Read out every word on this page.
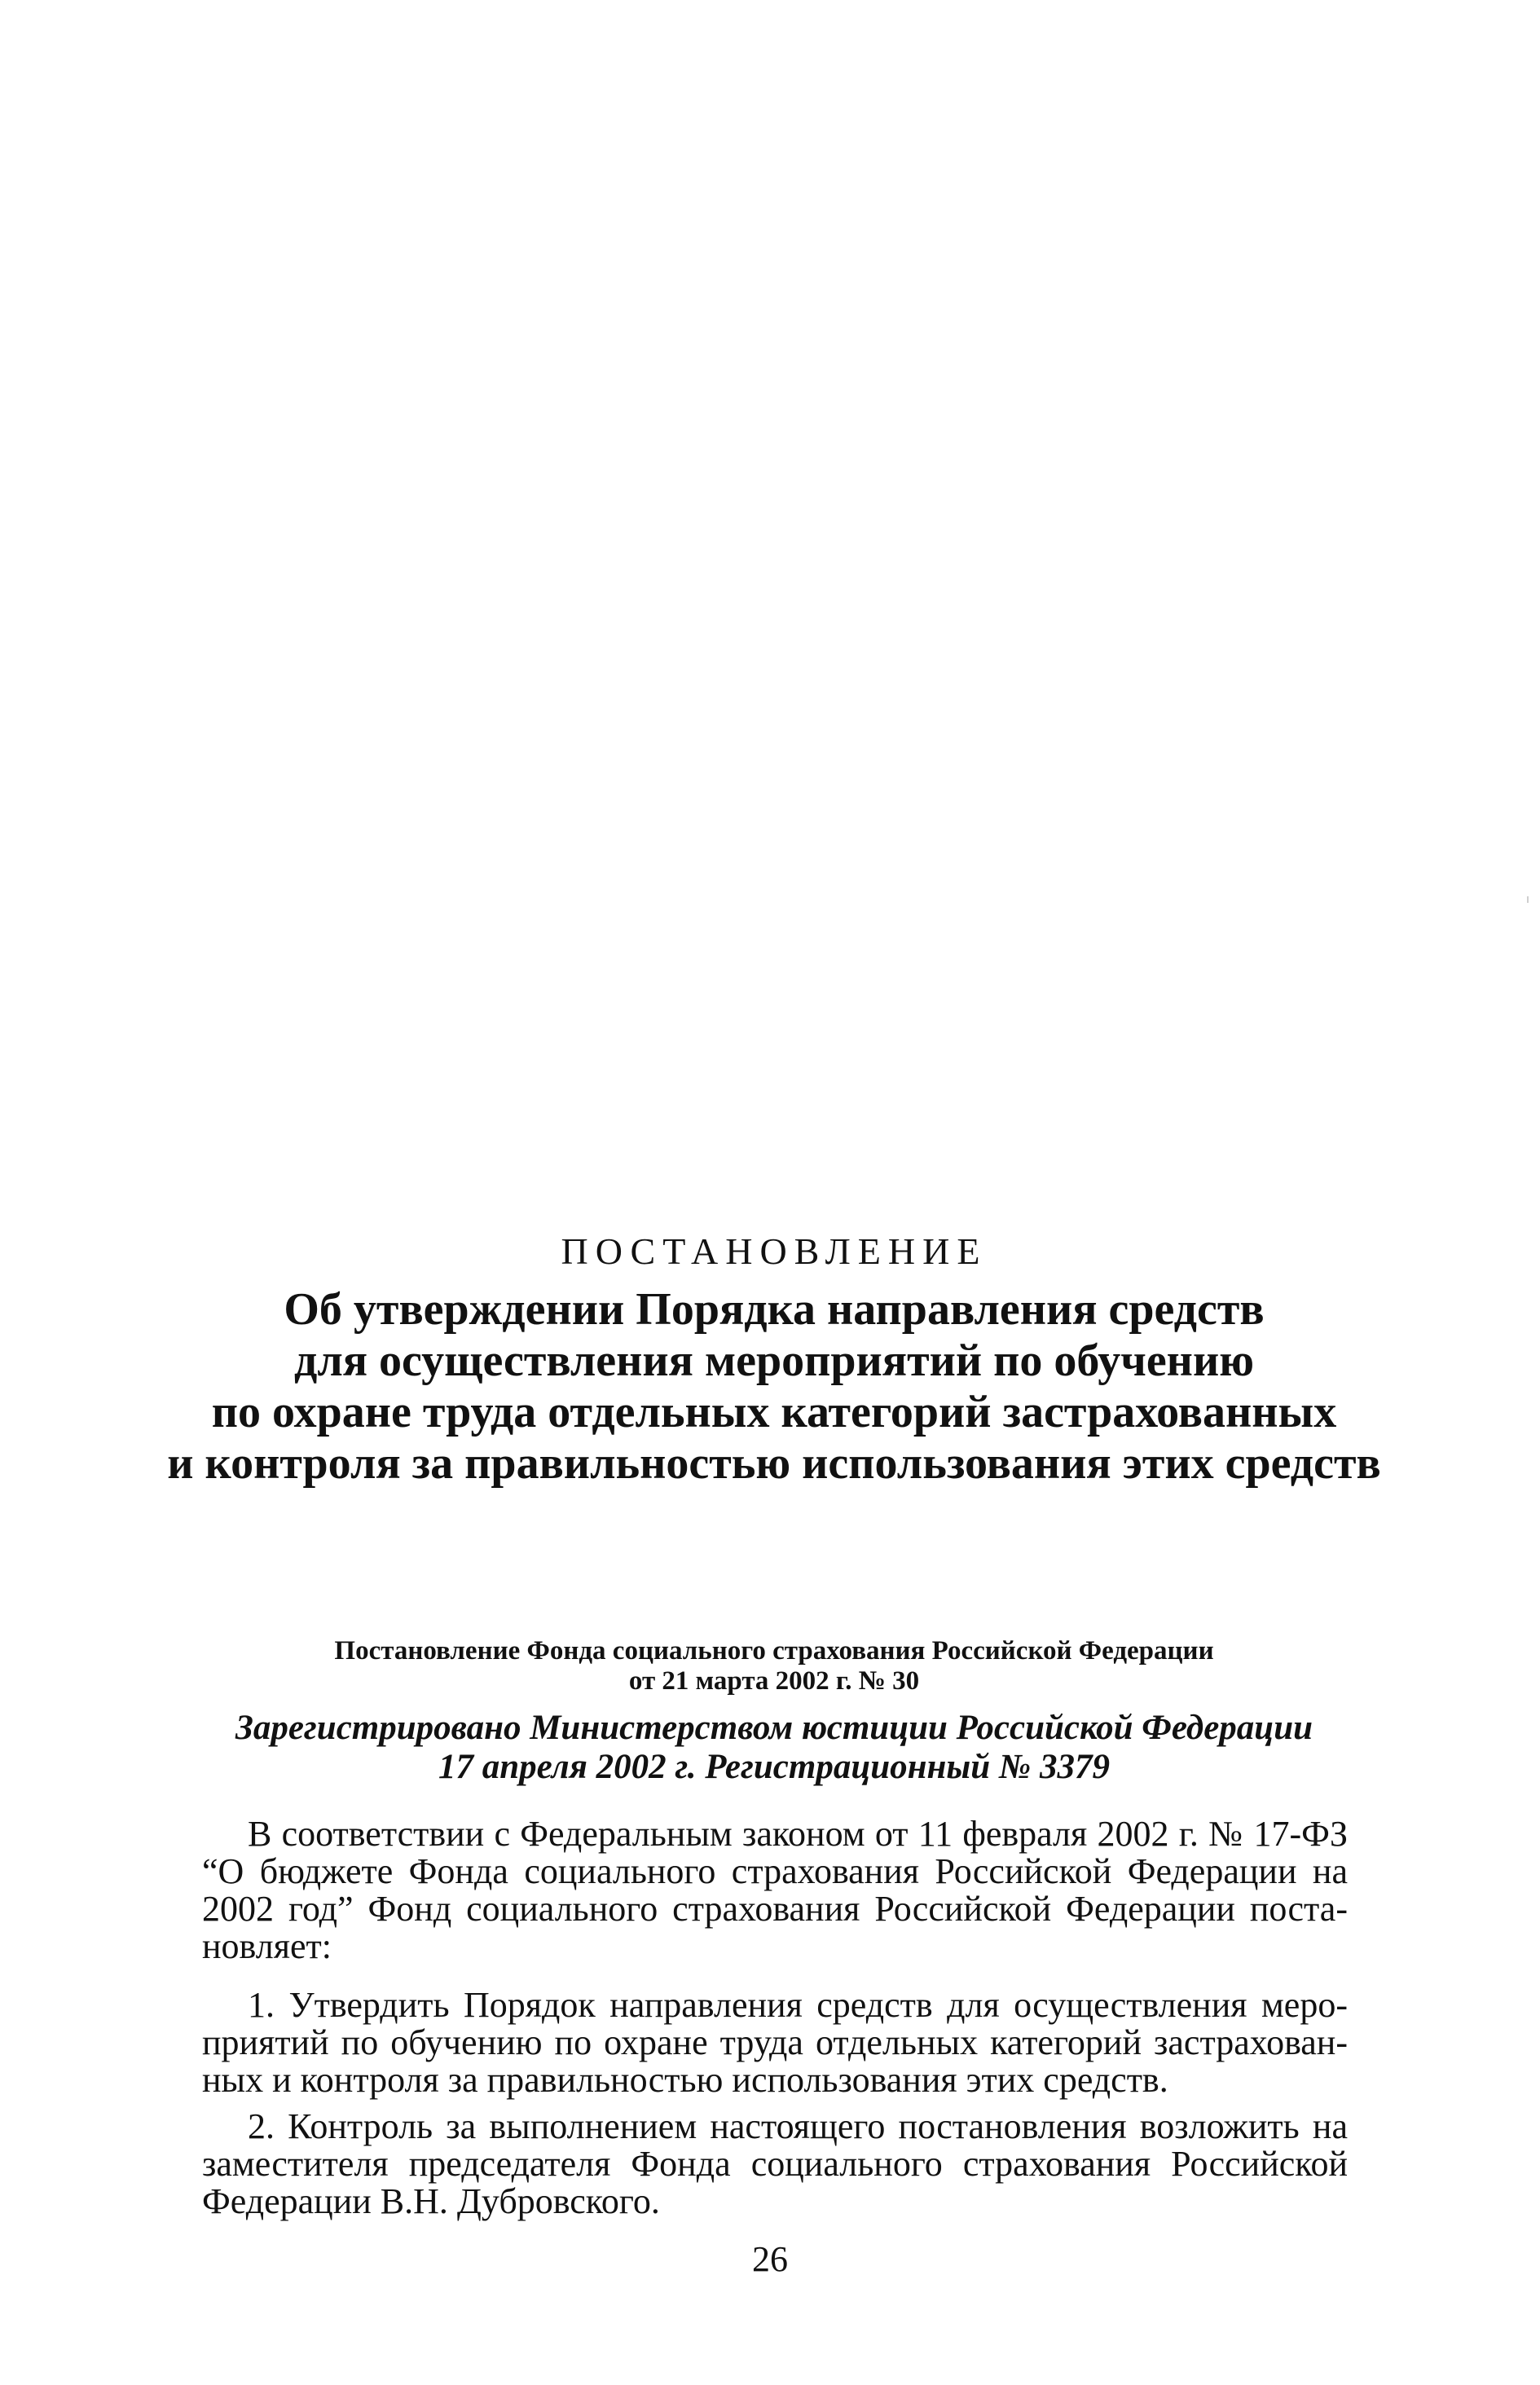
ПОСТАНОВЛЕНИЕ
Об утверждении Порядка направления средств
для осуществления мероприятий по обучению
по охране труда отдельных категорий застрахованных
и контроля за правильностью использования этих средств
Постановление Фонда социального страхования Российской Федерации
от 21 марта 2002 г. № 30
Зарегистрировано Министерством юстиции Российской Федерации
17 апреля 2002 г. Регистрационный № 3379
В соответствии с Федеральным законом от 11 февраля 2002 г. № 17-ФЗ
“О бюджете Фонда социального страхования Российской Федерации на
2002 год” Фонд социального страхования Российской Федерации поста-
новляет:
1. Утвердить Порядок направления средств для осуществления меро-
приятий по обучению по охране труда отдельных категорий застрахован-
ных и контроля за правильностью использования этих средств.
2. Контроль за выполнением настоящего постановления возложить на
заместителя председателя Фонда социального страхования Российской
Федерации В.Н. Дубровского.
26
